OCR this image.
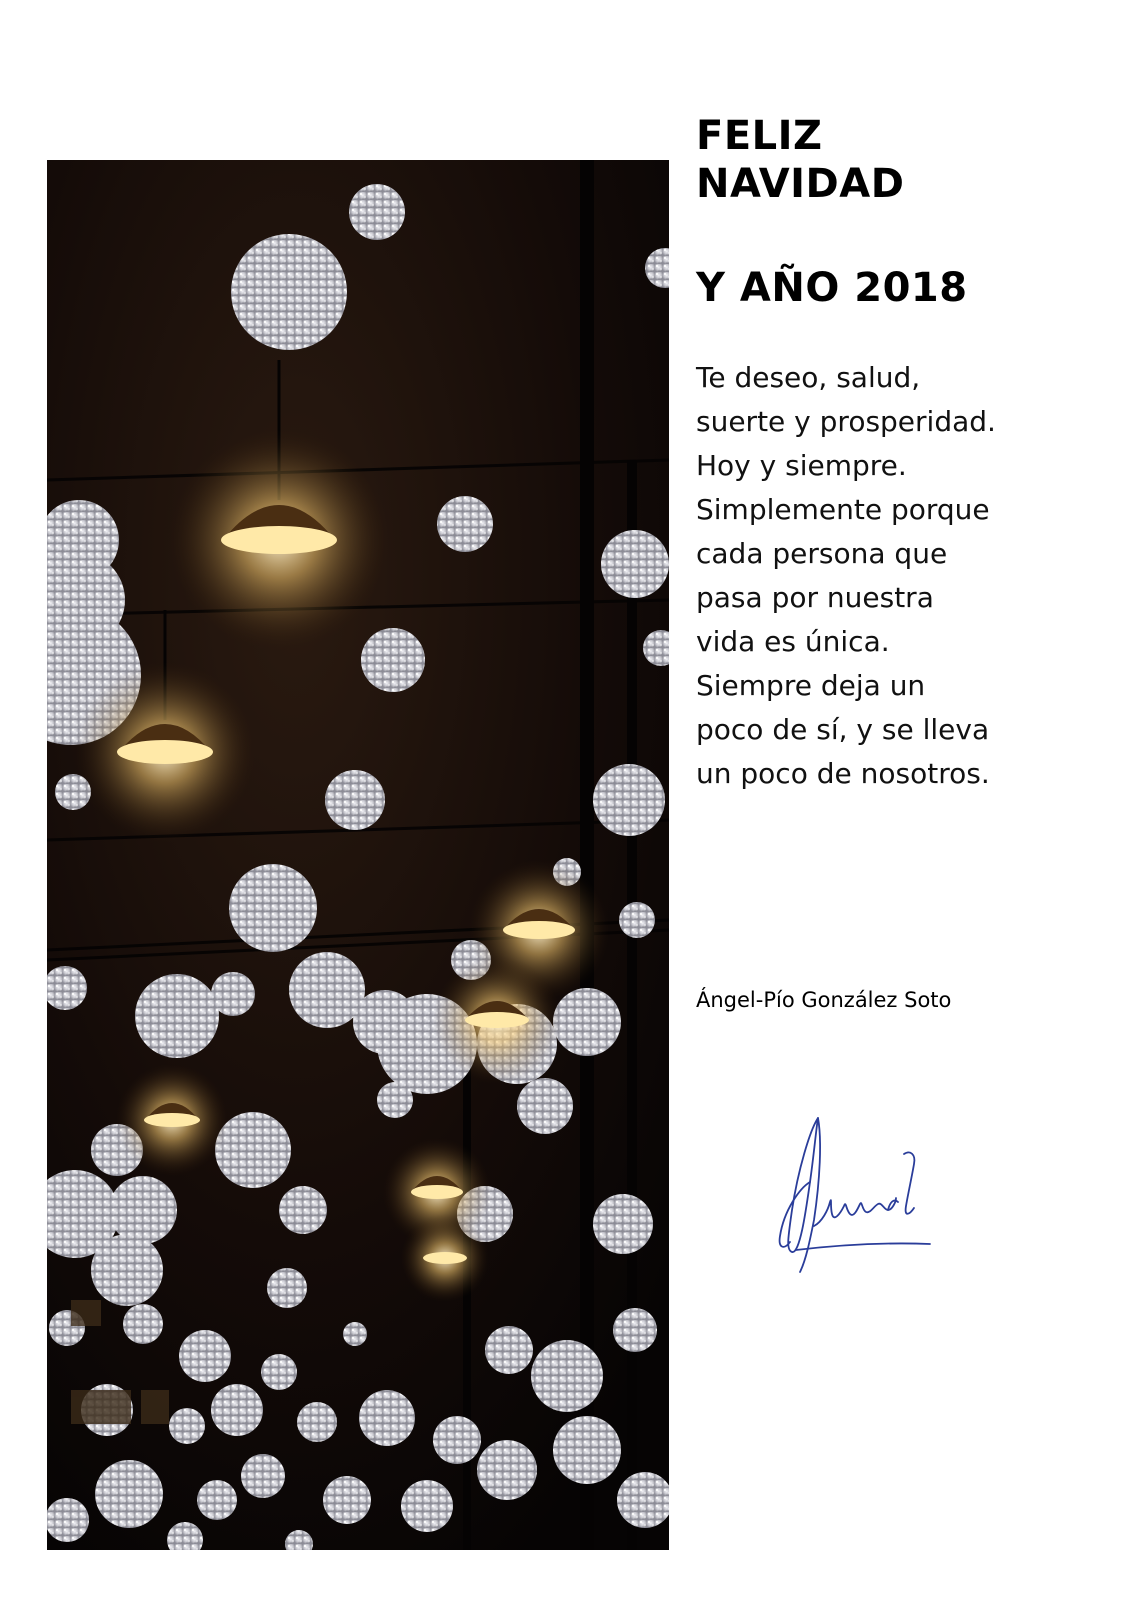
FELIZ
NAVIDAD
Y AÑO 2018
Te deseo, salud,
suerte y prosperidad.
Hoy y siempre.
Simplemente porque
cada persona que
pasa por nuestra
vida es única.
Siempre deja un
poco de sí, y se lleva
un poco de nosotros.
Ángel-Pío González Soto
